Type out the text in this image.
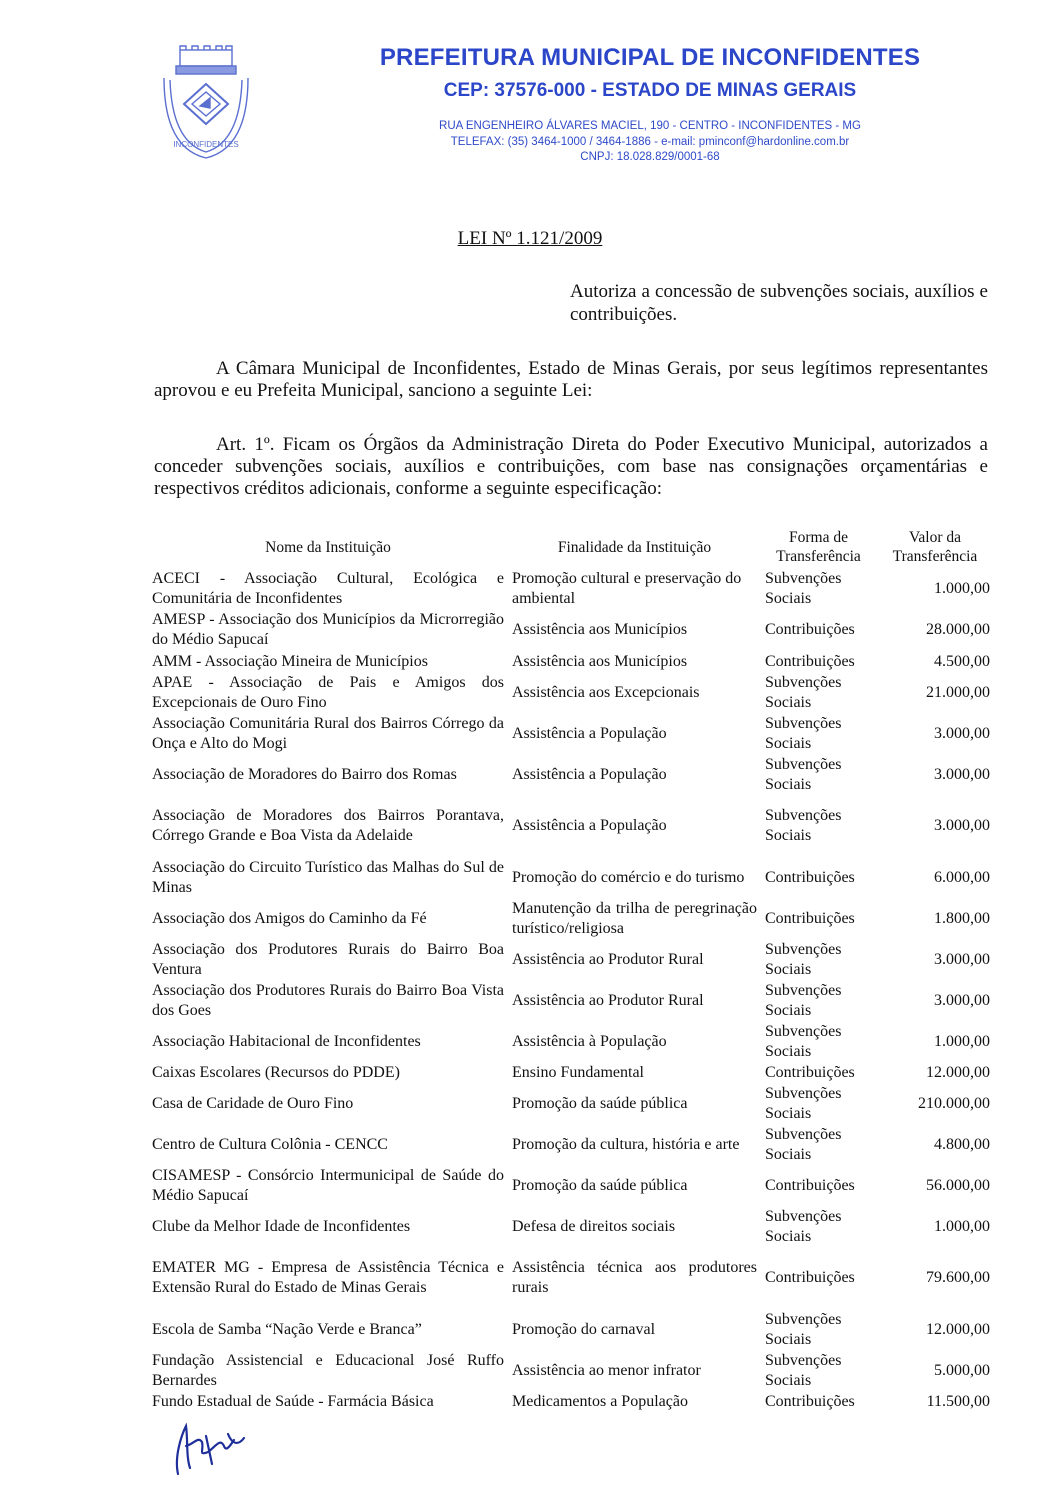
INCONFIDENTES
PREFEITURA MUNICIPAL DE INCONFIDENTES
CEP: 37576-000 - ESTADO DE MINAS GERAIS
RUA ENGENHEIRO ÁLVARES MACIEL, 190 - CENTRO - INCONFIDENTES - MG
TELEFAX: (35) 3464-1000 / 3464-1886 - e-mail: pminconf@hardonline.com.br
CNPJ: 18.028.829/0001-68
LEI Nº 1.121/2009
Autoriza a concessão de subvenções sociais, auxílios e contribuições.
A Câmara Municipal de Inconfidentes, Estado de Minas Gerais, por seus legítimos representantes aprovou e eu Prefeita Municipal, sanciono a seguinte Lei:
Art. 1º. Ficam os Órgãos da Administração Direta do Poder Executivo Municipal, autorizados a conceder subvenções sociais, auxílios e contribuições, com base nas consignações orçamentárias e respectivos créditos adicionais, conforme a seguinte especificação:
Nome da Instituição	Finalidade da Instituição	Forma de Transferência	Valor da Transferência
ACECI - Associação Cultural, Ecológica e Comunitária de Inconfidentes	Promoção cultural e preservação do ambiental	Subvenções Sociais	1.000,00
AMESP - Associação dos Municípios da Microrregião do Médio Sapucaí	Assistência aos Municípios	Contribuições	28.000,00
AMM - Associação Mineira de Municípios	Assistência aos Municípios	Contribuições	4.500,00
APAE - Associação de Pais e Amigos dos Excepcionais de Ouro Fino	Assistência aos Excepcionais	Subvenções Sociais	21.000,00
Associação Comunitária Rural dos Bairros Córrego da Onça e Alto do Mogi	Assistência a População	Subvenções Sociais	3.000,00
Associação de Moradores do Bairro dos Romas	Assistência a População	Subvenções Sociais	3.000,00
Associação de Moradores dos Bairros Porantava, Córrego Grande e Boa Vista da Adelaide	Assistência a População	Subvenções Sociais	3.000,00
Associação do Circuito Turístico das Malhas do Sul de Minas	Promoção do comércio e do turismo	Contribuições	6.000,00
Associação dos Amigos do Caminho da Fé	Manutenção da trilha de peregrinação turístico/religiosa	Contribuições	1.800,00
Associação dos Produtores Rurais do Bairro Boa Ventura	Assistência ao Produtor Rural	Subvenções Sociais	3.000,00
Associação dos Produtores Rurais do Bairro Boa Vista dos Goes	Assistência ao Produtor Rural	Subvenções Sociais	3.000,00
Associação Habitacional de Inconfidentes	Assistência à População	Subvenções Sociais	1.000,00
Caixas Escolares (Recursos do PDDE)	Ensino Fundamental	Contribuições	12.000,00
Casa de Caridade de Ouro Fino	Promoção da saúde pública	Subvenções Sociais	210.000,00
Centro de Cultura Colônia - CENCC	Promoção da cultura, história e arte	Subvenções Sociais	4.800,00
CISAMESP - Consórcio Intermunicipal de Saúde do Médio Sapucaí	Promoção da saúde pública	Contribuições	56.000,00
Clube da Melhor Idade de Inconfidentes	Defesa de direitos sociais	Subvenções Sociais	1.000,00
EMATER MG - Empresa de Assistência Técnica e Extensão Rural do Estado de Minas Gerais	Assistência técnica aos produtores rurais	Contribuições	79.600,00
Escola de Samba “Nação Verde e Branca”	Promoção do carnaval	Subvenções Sociais	12.000,00
Fundação Assistencial e Educacional José Ruffo Bernardes	Assistência ao menor infrator	Subvenções Sociais	5.000,00
Fundo Estadual de Saúde - Farmácia Básica	Medicamentos a População	Contribuições	11.500,00
